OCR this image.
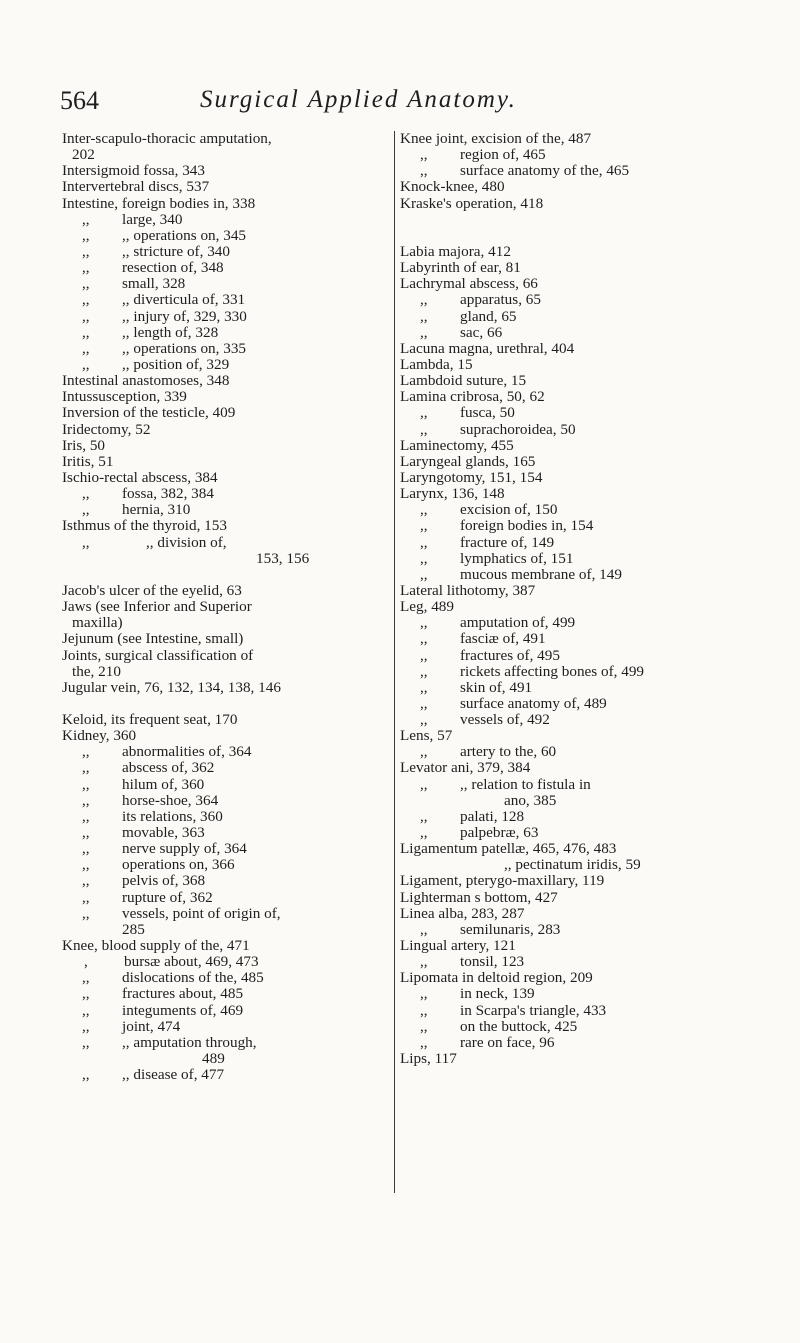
564	Surgical Applied Anatomy.
Inter-scapulo-thoracic amputation,
202
Intersigmoid fossa, 343
Intervertebral discs, 537
Intestine, foreign bodies in, 338
,, large, 340
,, ,, operations on, 345
,, ,, stricture of, 340
,, resection of, 348
,, small, 328
,, ,, diverticula of, 331
,, ,, injury of, 329, 330
,, ,, length of, 328
,, ,, operations on, 335
,, ,, position of, 329
Intestinal anastomoses, 348
Intussusception, 339
Inversion of the testicle, 409
Iridectomy, 52
Iris, 50
Iritis, 51
Ischio-rectal abscess, 384
,, fossa, 382, 384
,, hernia, 310
Isthmus of the thyroid, 153
,,	,, division of,
153, 156
Jacob's ulcer of the eyelid, 63
Jaws (see Inferior and Superior
maxilla)
Jejunum (see Intestine, small)
Joints, surgical classification of
the, 210
Jugular vein, 76, 132, 134, 138, 146
Keloid, its frequent seat, 170
Kidney, 360
,, abnormalities of, 364
,, abscess of, 362
,, hilum of, 360
,, horse-shoe, 364
,, its relations, 360
,, movable, 363
,, nerve supply of, 364
,, operations on, 366
,, pelvis of, 368
,, rupture of, 362
,, vessels, point of origin of,
285
Knee, blood supply of the, 471
, bursæ about, 469, 473
,, dislocations of the, 485
,, fractures about, 485
,, integuments of, 469
,, joint, 474
,, ,, amputation through,
489
,, ,, disease of, 477
Knee joint, excision of the, 487
,, region of, 465
,, surface anatomy of the, 465
Knock-knee, 480
Kraske's operation, 418
Labia majora, 412
Labyrinth of ear, 81
Lachrymal abscess, 66
,, apparatus, 65
,, gland, 65
,, sac, 66
Lacuna magna, urethral, 404
Lambda, 15
Lambdoid suture, 15
Lamina cribrosa, 50, 62
,, fusca, 50
,, suprachoroidea, 50
Laminectomy, 455
Laryngeal glands, 165
Laryngotomy, 151, 154
Larynx, 136, 148
,, excision of, 150
,, foreign bodies in, 154
,, fracture of, 149
,, lymphatics of, 151
,, mucous membrane of, 149
Lateral lithotomy, 387
Leg, 489
,, amputation of, 499
,, fasciæ of, 491
,, fractures of, 495
,, rickets affecting bones of, 499
,, skin of, 491
,, surface anatomy of, 489
,, vessels of, 492
Lens, 57
,, artery to the, 60
Levator ani, 379, 384
,, ,, relation to fistula in
ano, 385
,, palati, 128
,, palpebræ, 63
Ligamentum patellæ, 465, 476, 483
,, pectinatum iridis, 59
Ligament, pterygo-maxillary, 119
Lighterman s bottom, 427
Linea alba, 283, 287
,, semilunaris, 283
Lingual artery, 121
,, tonsil, 123
Lipomata in deltoid region, 209
,, in neck, 139
,, in Scarpa's triangle, 433
,, on the buttock, 425
,, rare on face, 96
Lips, 117
